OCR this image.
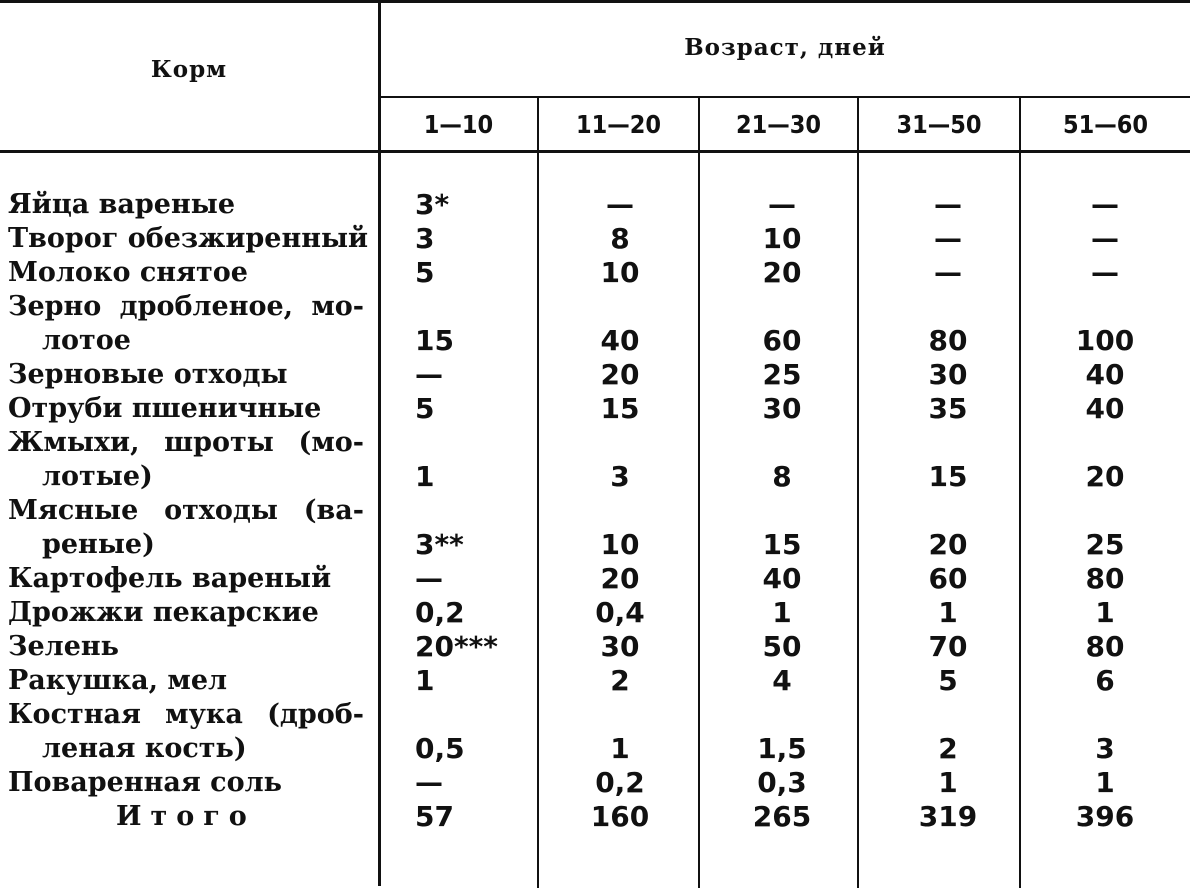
Корм
Возраст, дней
1—10	11—20	21—30	31—50	51—60
Яйца вареные	3*	—	—	—	—
Творог обезжиренный 3	8	10	—	—
Молоко снятое	5	10	20	—	—
Зерно дробленое, мо-
лотое	15	40	60	80	100
Зерновые отходы	—	20	25	30	40
Отруби пшеничные	5	15	30	35	40
Жмыхи, шроты (мо-
лотые)	1	3	8	15	20
Мясные отходы (ва-
реные)	3**	10	15	20	25
Картофель вареный	—	20	40	60	80
Дрожжи пекарские	0,2	0,4	1	1	1
Зелень	20***	30	50	70	80
Ракушка, мел	1	2	4	5	6
Костная мука (дроб-
леная кость)	0,5	1	1,5	2	3
Поваренная соль	—	0,2	0,3	1	1
Итого	57	160	265	319	396
